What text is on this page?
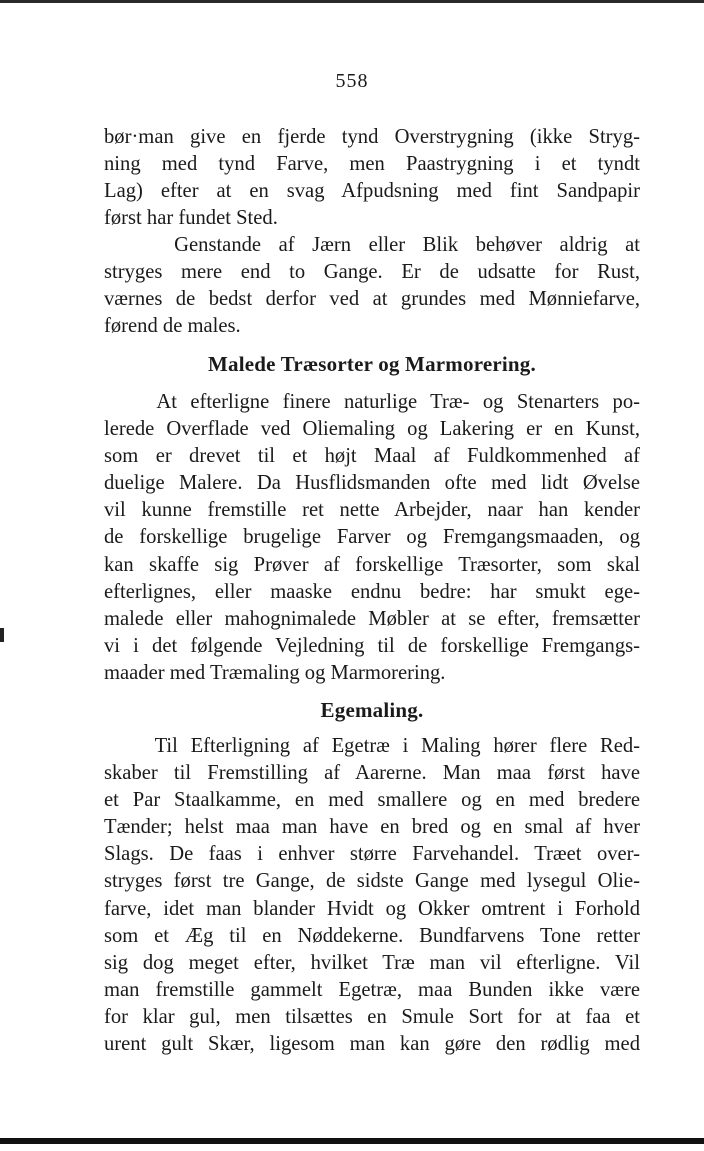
558
bør·man give en fjerde tynd Overstrygning (ikke Stryg-
ning med tynd Farve, men Paastrygning i et tyndt
Lag) efter at en svag Afpudsning med fint Sandpapir
først har fundet Sted.
Genstande af Jærn eller Blik behøver aldrig at
stryges mere end to Gange. Er de udsatte for Rust,
værnes de bedst derfor ved at grundes med Mønniefarve,
førend de males.
Malede Træsorter og Marmorering.
At efterligne finere naturlige Træ- og Stenarters po-
lerede Overflade ved Oliemaling og Lakering er en Kunst,
som er drevet til et højt Maal af Fuldkommenhed af
duelige Malere. Da Husflidsmanden ofte med lidt Øvelse
vil kunne fremstille ret nette Arbejder, naar han kender
de forskellige brugelige Farver og Fremgangsmaaden, og
kan skaffe sig Prøver af forskellige Træsorter, som skal
efterlignes, eller maaske endnu bedre: har smukt ege-
malede eller mahognimalede Møbler at se efter, fremsætter
vi i det følgende Vejledning til de forskellige Fremgangs-
maader med Træmaling og Marmorering.
Egemaling.
Til Efterligning af Egetræ i Maling hører flere Red-
skaber til Fremstilling af Aarerne. Man maa først have
et Par Staalkamme, en med smallere og en med bredere
Tænder; helst maa man have en bred og en smal af hver
Slags. De faas i enhver større Farvehandel. Træet over-
stryges først tre Gange, de sidste Gange med lysegul Olie-
farve, idet man blander Hvidt og Okker omtrent i Forhold
som et Æg til en Nøddekerne. Bundfarvens Tone retter
sig dog meget efter, hvilket Træ man vil efterligne. Vil
man fremstille gammelt Egetræ, maa Bunden ikke være
for klar gul, men tilsættes en Smule Sort for at faa et
urent gult Skær, ligesom man kan gøre den rødlig med
